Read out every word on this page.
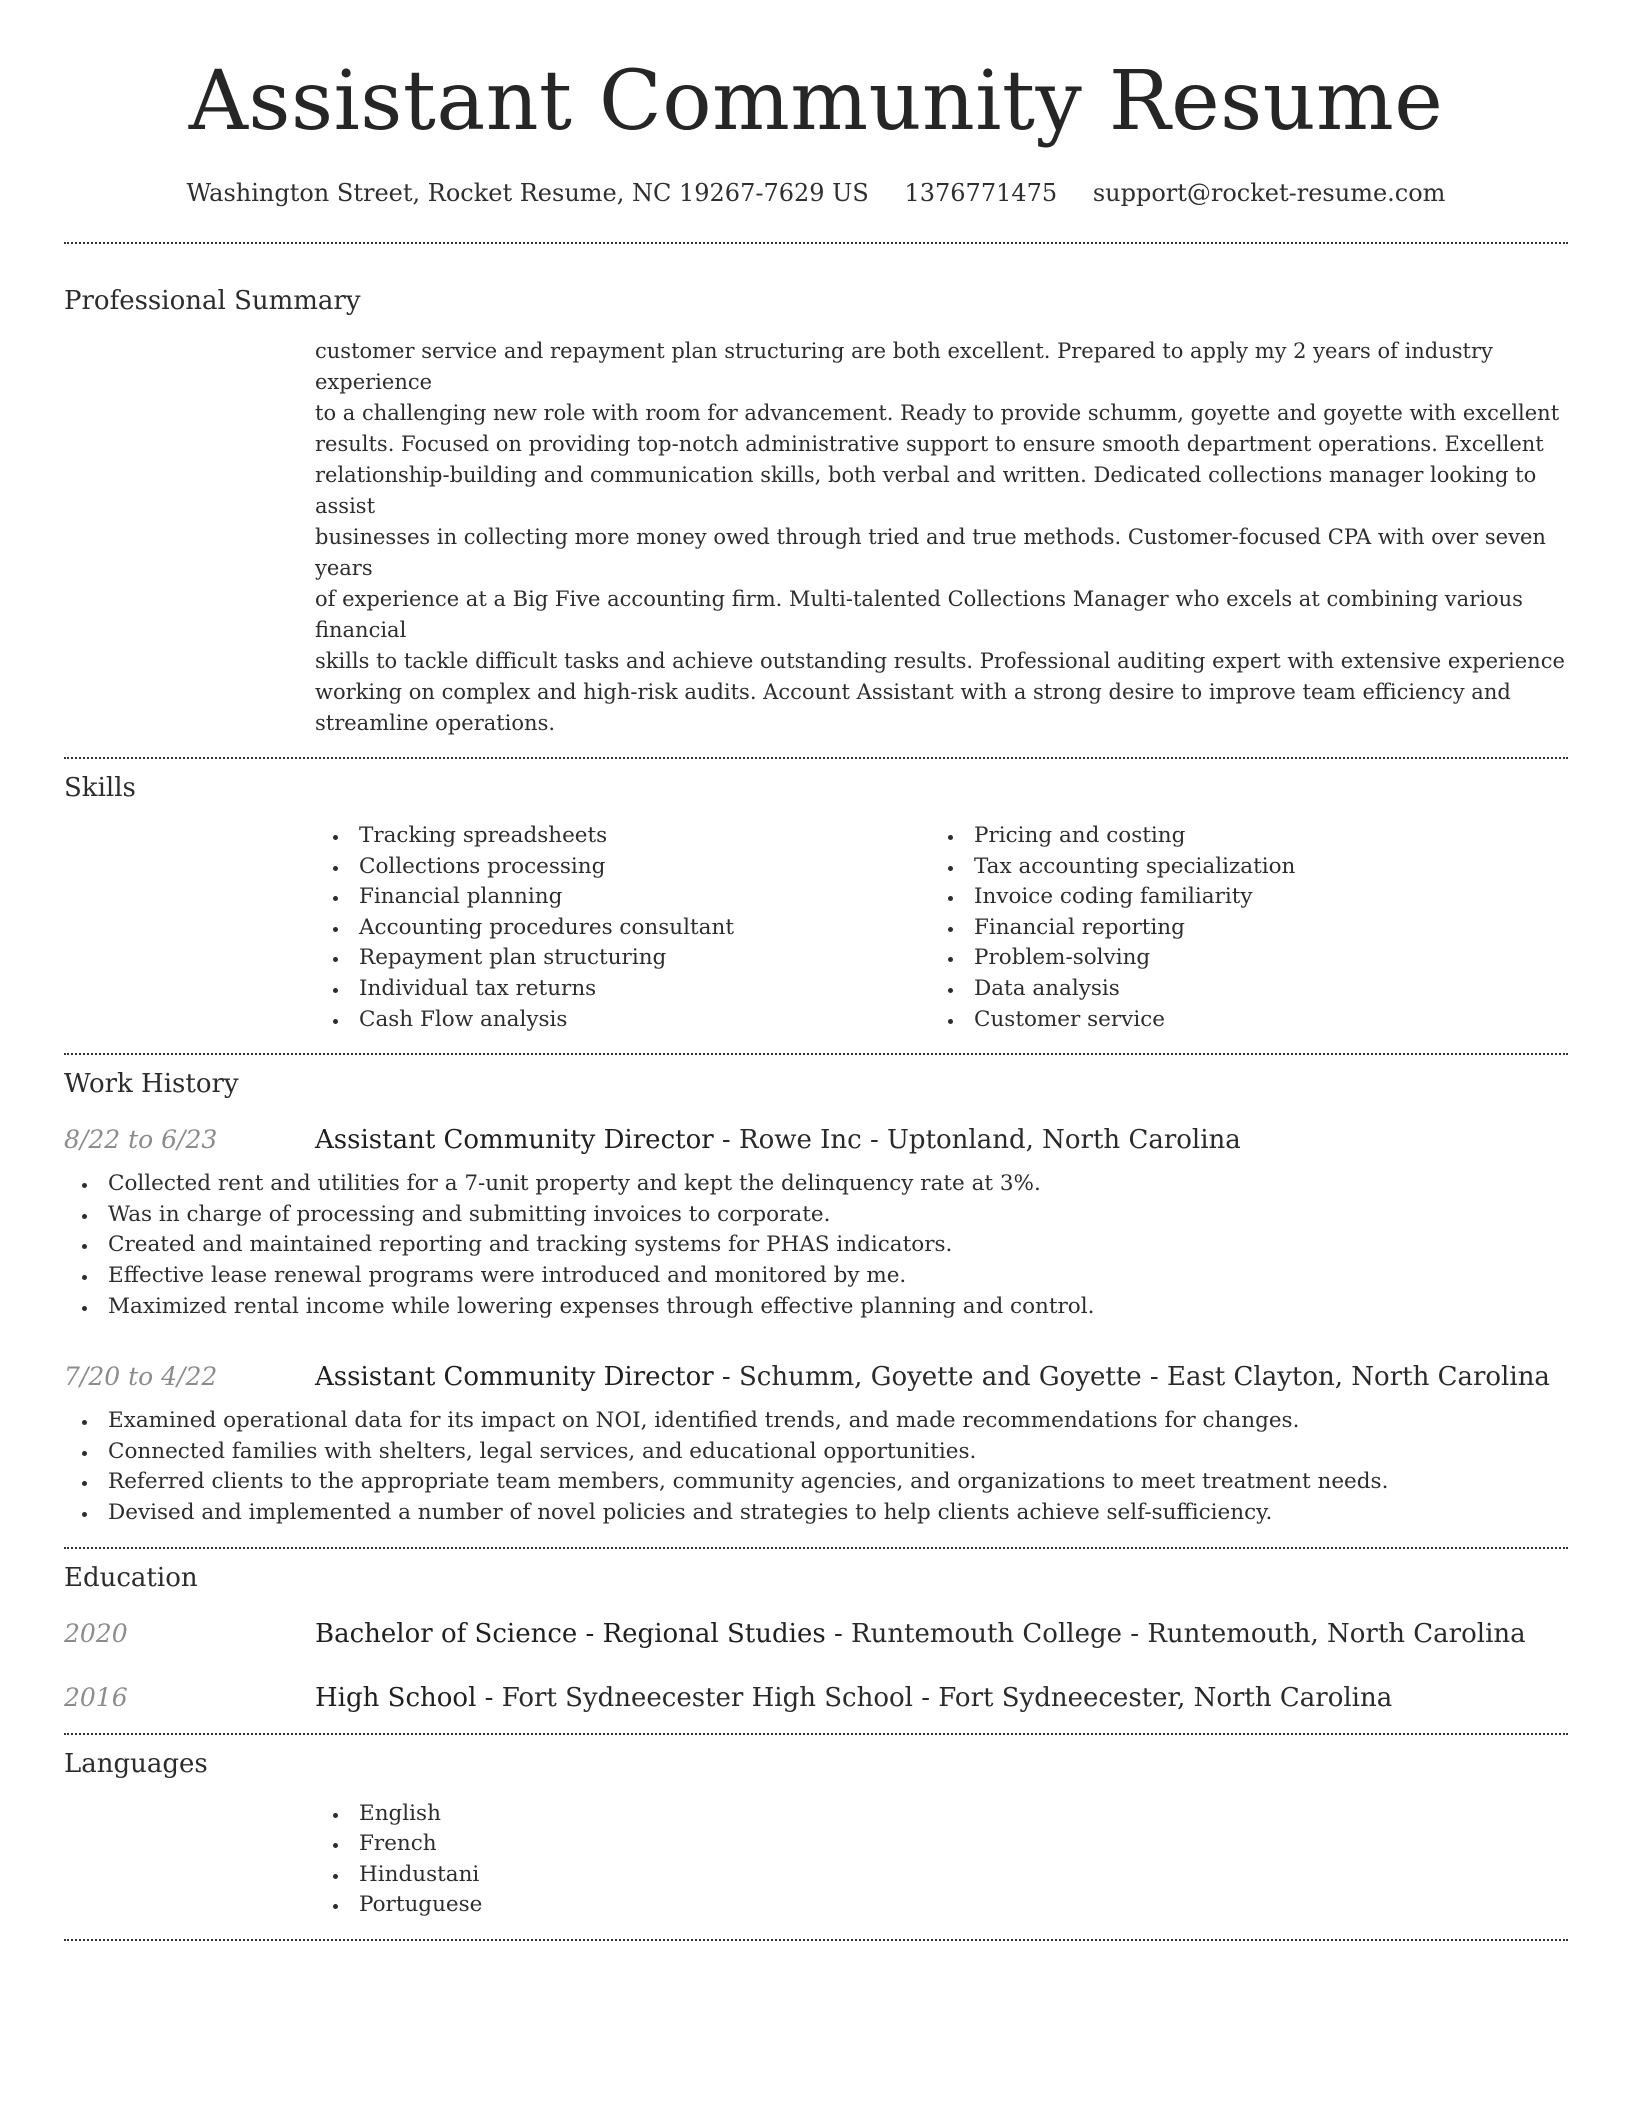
Assistant Community Resume
Washington Street, Rocket Resume, NC 19267-7629 US 1376771475 support@rocket-resume.com
Professional Summary
customer service and repayment plan structuring are both excellent. Prepared to apply my 2 years of industry experience
to a challenging new role with room for advancement. Ready to provide schumm, goyette and goyette with excellent
results. Focused on providing top-notch administrative support to ensure smooth department operations. Excellent
relationship-building and communication skills, both verbal and written. Dedicated collections manager looking to assist
businesses in collecting more money owed through tried and true methods. Customer-focused CPA with over seven years
of experience at a Big Five accounting firm. Multi-talented Collections Manager who excels at combining various financial
skills to tackle difficult tasks and achieve outstanding results. Professional auditing expert with extensive experience
working on complex and high-risk audits. Account Assistant with a strong desire to improve team efficiency and
streamline operations.
Skills
Tracking spreadsheets
Collections processing
Financial planning
Accounting procedures consultant
Repayment plan structuring
Individual tax returns
Cash Flow analysis
Pricing and costing
Tax accounting specialization
Invoice coding familiarity
Financial reporting
Problem-solving
Data analysis
Customer service
Work History
8/22 to 6/23	Assistant Community Director - Rowe Inc - Uptonland, North Carolina
Collected rent and utilities for a 7-unit property and kept the delinquency rate at 3%.
Was in charge of processing and submitting invoices to corporate.
Created and maintained reporting and tracking systems for PHAS indicators.
Effective lease renewal programs were introduced and monitored by me.
Maximized rental income while lowering expenses through effective planning and control.
7/20 to 4/22	Assistant Community Director - Schumm, Goyette and Goyette - East Clayton, North Carolina
Examined operational data for its impact on NOI, identified trends, and made recommendations for changes.
Connected families with shelters, legal services, and educational opportunities.
Referred clients to the appropriate team members, community agencies, and organizations to meet treatment needs.
Devised and implemented a number of novel policies and strategies to help clients achieve self-sufficiency.
Education
2020	Bachelor of Science - Regional Studies - Runtemouth College - Runtemouth, North Carolina
2016	High School - Fort Sydneecester High School - Fort Sydneecester, North Carolina
Languages
English
French
Hindustani
Portuguese
